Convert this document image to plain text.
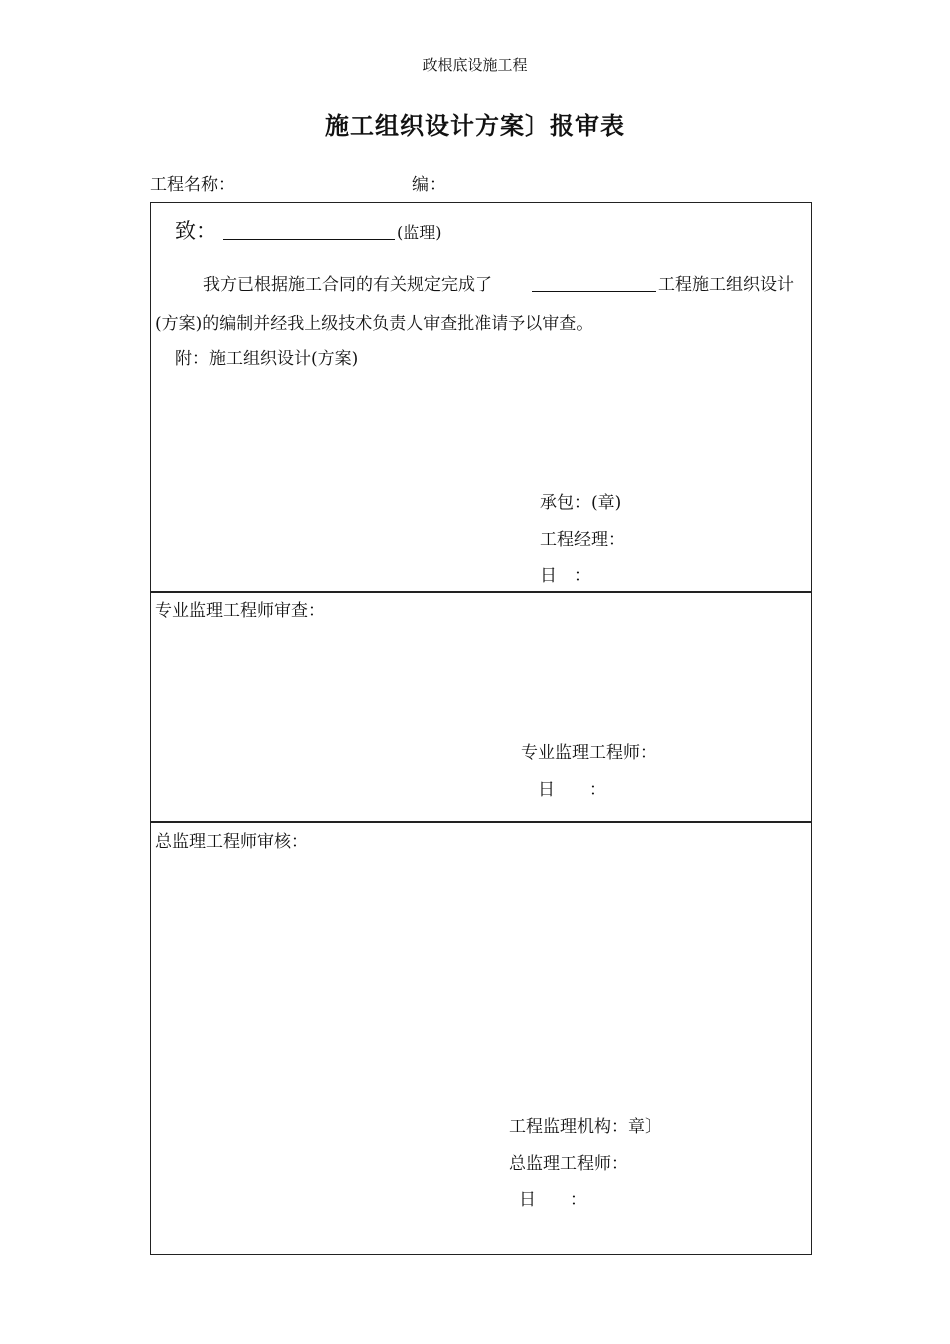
政根底设施工程
施工组织设计方案〕报审表
工程名称：	编：
致：	(监理)
我方已根据施工合同的有关规定完成了	工程施工组织设计
(方案)的编制并经我上级技术负责人审查批准请予以审查。
附：施工组织设计(方案)
承包：(章)
工程经理：
日　：
专业监理工程师审查：
专业监理工程师：
日　　：
总监理工程师审核：
工程监理机构：章〕
总监理工程师：
日　　：
